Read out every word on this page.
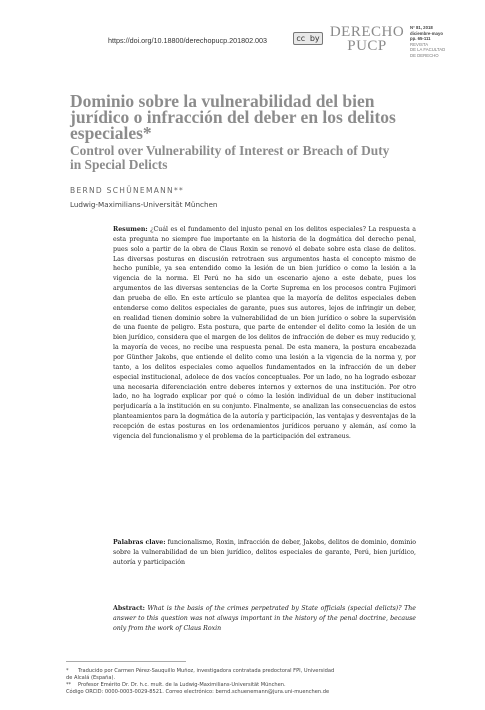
https://doi.org/10.18800/derechopucp.201802.003	cc by DERECHO
PUCP
N° 81, 2018
diciembre-mayo
pp. 65-111
REVISTA
DE LA FACULTAD
DE DERECHO
Dominio sobre la vulnerabilidad del bien jurídico o infracción del deber en los delitos especiales*
Control over Vulnerability of Interest or Breach of Duty in Special Delicts
BERND SCHÜNEMANN**
Ludwig-Maximilians-Universität München

Resumen: ¿Cuál es el fundamento del injusto penal en los delitos especiales? La respuesta a esta pregunta no siempre fue importante en la historia de la dogmática del derecho penal, pues solo a partir de la obra de Claus Roxin se renovó el debate sobre esta clase de delitos. Las diversas posturas en discusión retrotraen sus argumentos hasta el concepto mismo de hecho punible, ya sea entendido como la lesión de un bien jurídico o como la lesión a la vigencia de la norma. El Perú no ha sido un escenario ajeno a este debate, pues los argumentos de las diversas sentencias de la Corte Suprema en los procesos contra Fujimori dan prueba de ello. En este artículo se plantea que la mayoría de delitos especiales deben entenderse como delitos especiales de garante, pues sus autores, lejos de infringir un deber, en realidad tienen dominio sobre la vulnerabilidad de un bien jurídico o sobre la supervisión de una fuente de peligro. Esta postura, que parte de entender el delito como la lesión de un bien jurídico, considera que el margen de los delitos de infracción de deber es muy reducido y, la mayoría de veces, no recibe una respuesta penal. De esta manera, la postura encabezada por Günther Jakobs, que entiende el delito como una lesión a la vigencia de la norma y, por tanto, a los delitos especiales como aquellos fundamentados en la infracción de un deber especial institucional, adolece de dos vacíos conceptuales. Por un lado, no ha logrado esbozar una necesaria diferenciación entre deberes internos y externos de una institución. Por otro lado, no ha logrado explicar por qué o cómo la lesión individual de un deber institucional perjudicaría a la institución en su conjunto. Finalmente, se analizan las consecuencias de estos planteamientos para la dogmática de la autoría y participación, las ventajas y desventajas de la recepción de estas posturas en los ordenamientos jurídicos peruano y alemán, así como la vigencia del funcionalismo y el problema de la participación del extraneus.

Palabras clave: funcionalismo, Roxin, infracción de deber, Jakobs, delitos de dominio, dominio sobre la vulnerabilidad de un bien jurídico, delitos especiales de garante, Perú, bien jurídico, autoría y participación

Abstract: What is the basis of the crimes perpetrated by State officials (special delicts)? The answer to this question was not always important in the history of the penal doctrine, because only from the work of Claus Roxin

*	Traducido por Carmen Pérez-Sauquillo Muñoz, investigadora contratada predoctoral FPI, Universidad
de Alcalá (España).
**	Profesor Emérito Dr. Dr. h.c. mult. de la Ludwig-Maximilians-Universität München.
Código ORCID: 0000-0003-0029-8521. Correo electrónico: bernd.schuenemann@jura.uni-muenchen.de
